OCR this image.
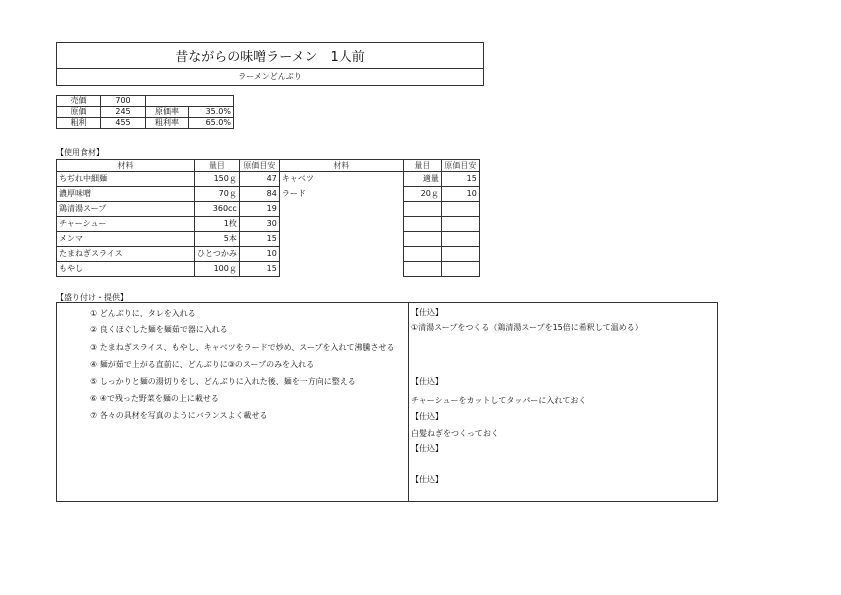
昔ながらの味噌ラーメン　1人前
ラーメンどんぶり
売価	700		
原価	245	原価率	35.0%
粗利	455	粗利率	65.0%
【使用食材】
材料	量目	原価目安	材料	量目	原価目安
ちぢれ中細麺	150ｇ	47	キャベツ	適量	15
濃厚味噌	70ｇ	84	ラード	20ｇ	10
鶏清湯スープ	360cc	19			
チャーシュー	1枚	30			
メンマ	5本	15			
たまねぎスライス	ひとつかみ	10			
もやし	100ｇ	15			
【盛り付け・提供】
① どんぶりに、タレを入れる
② 良くほぐした麺を麺茹で器に入れる
③ たまねぎスライス、もやし、キャベツをラードで炒め、スープを入れて沸騰させる
④ 麺が茹で上がる直前に、どんぶりに③のスープのみを入れる
⑤ しっかりと麺の湯切りをし、どんぶりに入れた後、麺を一方向に整える
⑥ ④で残った野菜を麺の上に載せる
⑦ 各々の具材を写真のようにバランスよく載せる
【仕込】
①清湯スープをつくる（鶏清湯スープを15倍に希釈して温める）
【仕込】
チャーシューをカットしてタッパーに入れておく
【仕込】
白髪ねぎをつくっておく
【仕込】
【仕込】
